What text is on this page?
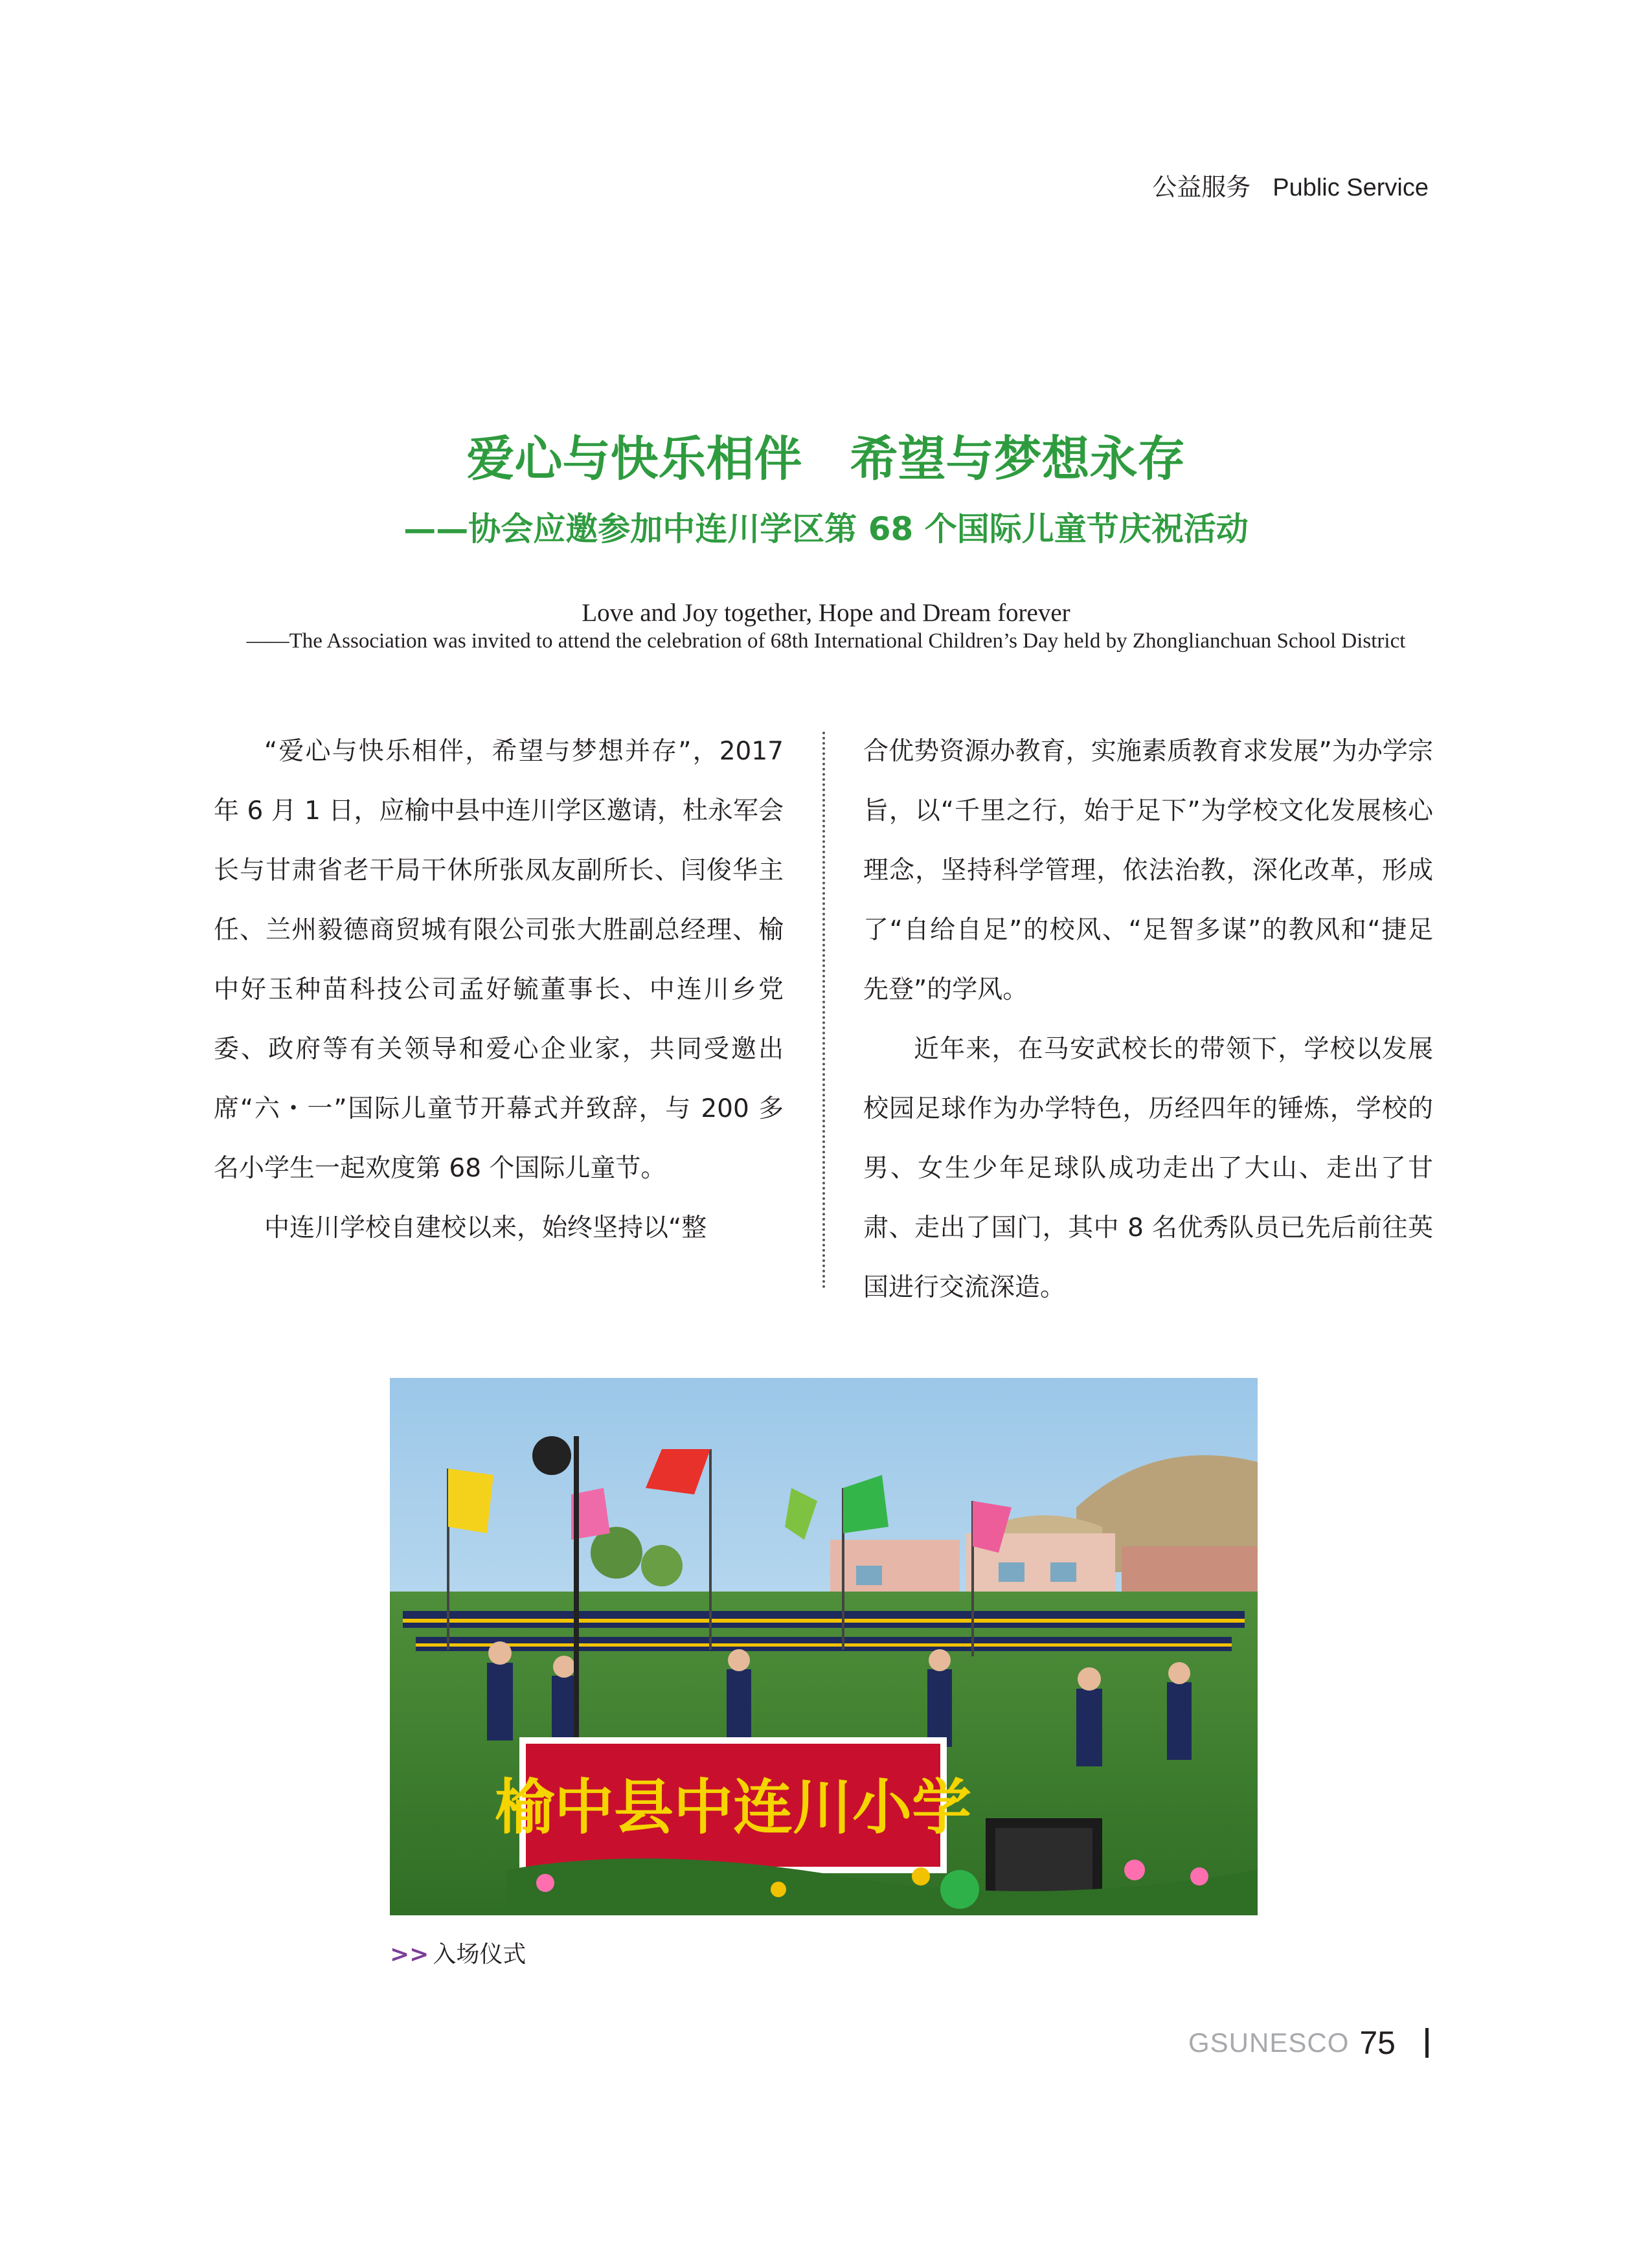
公益服务 Public Service
爱心与快乐相伴　希望与梦想永存
——协会应邀参加中连川学区第 68 个国际儿童节庆祝活动
Love and Joy together, Hope and Dream forever
——The Association was invited to attend the celebration of 68th International Children’s Day held by Zhonglianchuan School District

“爱心与快乐相伴，希望与梦想并存”，2017 年 6 月 1 日，应榆中县中连川学区邀请，杜永军会长与甘肃省老干局干休所张凤友副所长、闫俊华主任、兰州毅德商贸城有限公司张大胜副总经理、榆中好玉种苗科技公司孟好毓董事长、中连川乡党委、政府等有关领导和爱心企业家，共同受邀出席“六・一”国际儿童节开幕式并致辞，与 200 多名小学生一起欢度第 68 个国际儿童节。

中连川学校自建校以来，始终坚持以“整

合优势资源办教育，实施素质教育求发展”为办学宗旨，以“千里之行，始于足下”为学校文化发展核心理念，坚持科学管理，依法治教，深化改革，形成了“自给自足”的校风、“足智多谋”的教风和“捷足先登”的学风。

近年来，在马安武校长的带领下，学校以发展校园足球作为办学特色，历经四年的锤炼，学校的男、女生少年足球队成功走出了大山、走出了甘肃、走出了国门，其中 8 名优秀队员已先后前往英国进行交流深造。

榆中县中连川小学
>> 入场仪式
GSUNESCO 75
